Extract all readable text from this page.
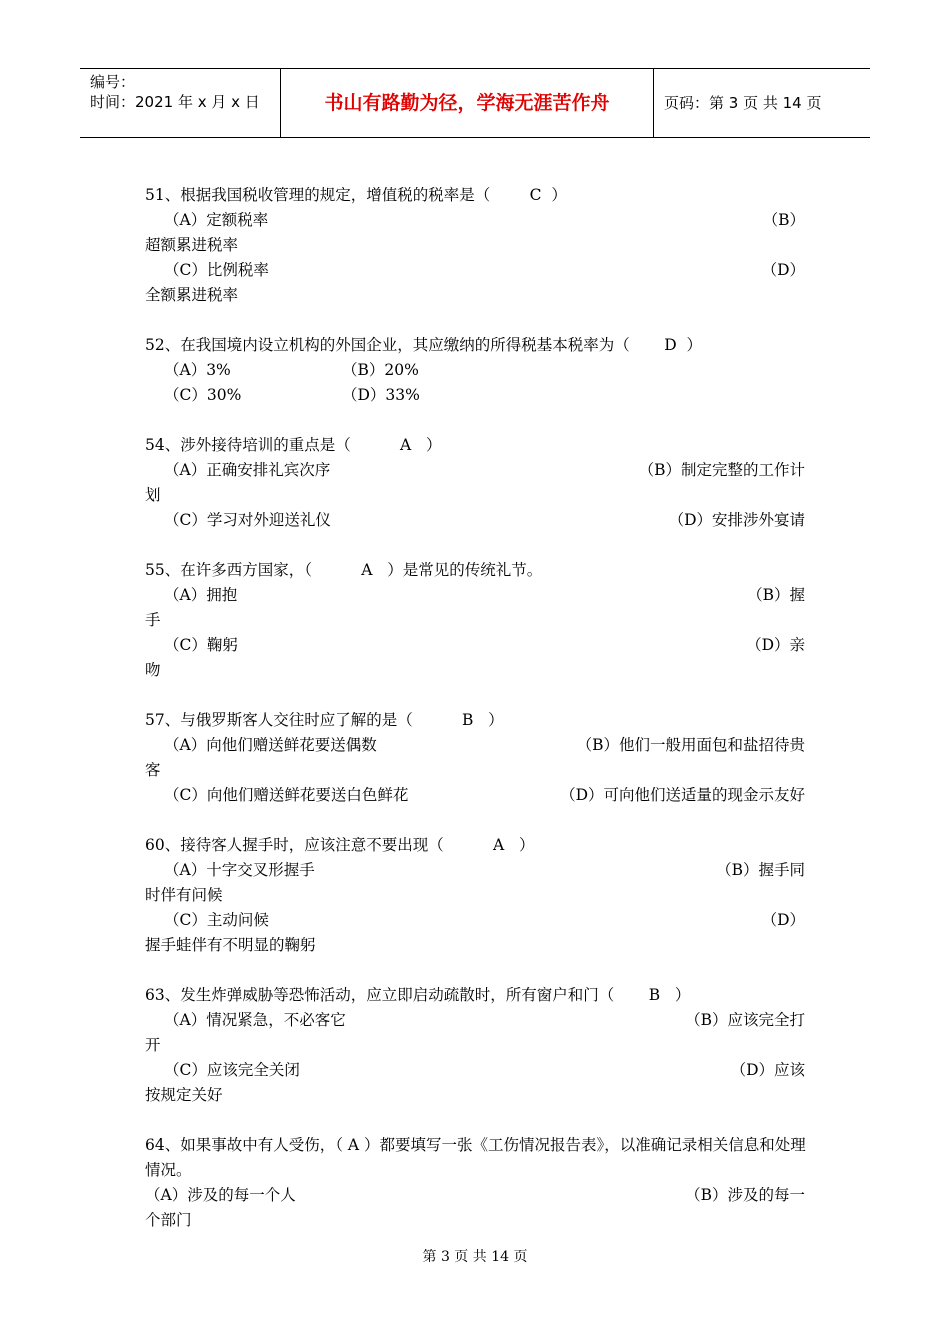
编号：
时间：2021 年 x 月 x 日	书山有路勤为径，学海无涯苦作舟	页码：第 3 页 共 14 页
51、根据我国税收管理的规定，增值税的税率是（        C  ）
（A）定额税率	（B）
超额累进税率
（C）比例税率	（D）
全额累进税率
52、在我国境内设立机构的外国企业，其应缴纳的所得税基本税率为（       D  ）
（A）3%	（B）20%
（C）30%	（D）33%
54、涉外接待培训的重点是（          A   ）
（A）正确安排礼宾次序	（B）制定完整的工作计
划
（C）学习对外迎送礼仪	（D）安排涉外宴请
55、在许多西方国家，（          A   ）是常见的传统礼节。
（A）拥抱	（B）握
手
（C）鞠躬	（D）亲
吻
57、与俄罗斯客人交往时应了解的是（          B   ）
（A）向他们赠送鲜花要送偶数	（B）他们一般用面包和盐招待贵
客
（C）向他们赠送鲜花要送白色鲜花	（D）可向他们送适量的现金示友好
60、接待客人握手时，应该注意不要出现（          A   ）
（A）十字交叉形握手	（B）握手同
时伴有问候
（C）主动问候	（D）
握手蛙伴有不明显的鞠躬
63、发生炸弹威胁等恐怖活动，应立即启动疏散时，所有窗户和门（       B   ）
（A）情况紧急，不必客它	（B）应该完全打
开
（C）应该完全关闭	（D）应该
按规定关好
64、如果事故中有人受伤，（ A ）都要填写一张《工伤情况报告表》，以准确记录相关信息和处理情况。
（A）涉及的每一个人	（B）涉及的每一
个部门
第 3 页 共 14 页
